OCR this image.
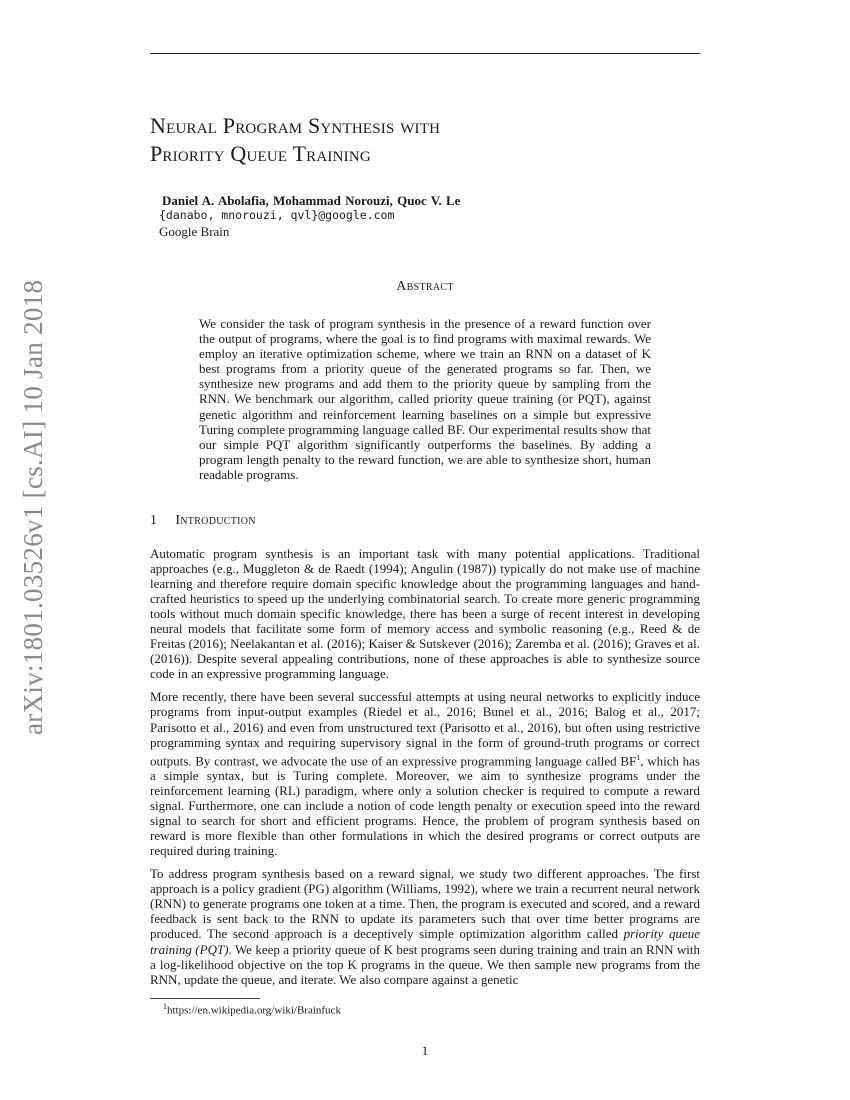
arXiv:1801.03526v1 [cs.AI] 10 Jan 2018
Neural Program Synthesis with
Priority Queue Training
Daniel A. Abolafia, Mohammad Norouzi, Quoc V. Le
{danabo, mnorouzi, qvl}@google.com
Google Brain
Abstract
We consider the task of program synthesis in the presence of a reward function over the output of programs, where the goal is to find programs with maximal rewards. We employ an iterative optimization scheme, where we train an RNN on a dataset of K best programs from a priority queue of the generated programs so far. Then, we synthesize new programs and add them to the priority queue by sampling from the RNN. We benchmark our algorithm, called priority queue training (or PQT), against genetic algorithm and reinforcement learning baselines on a simple but expressive Turing complete programming language called BF. Our experimental results show that our simple PQT algorithm significantly outperforms the baselines. By adding a program length penalty to the reward function, we are able to synthesize short, human readable programs.
1 Introduction

Automatic program synthesis is an important task with many potential applications. Traditional approaches (e.g., Muggleton & de Raedt (1994); Angulin (1987)) typically do not make use of machine learning and therefore require domain specific knowledge about the programming languages and hand-crafted heuristics to speed up the underlying combinatorial search. To create more generic programming tools without much domain specific knowledge, there has been a surge of recent interest in developing neural models that facilitate some form of memory access and symbolic reasoning (e.g., Reed & de Freitas (2016); Neelakantan et al. (2016); Kaiser & Sutskever (2016); Zaremba et al. (2016); Graves et al. (2016)). Despite several appealing contributions, none of these approaches is able to synthesize source code in an expressive programming language.

More recently, there have been several successful attempts at using neural networks to explicitly induce programs from input-output examples (Riedel et al., 2016; Bunel et al., 2016; Balog et al., 2017; Parisotto et al., 2016) and even from unstructured text (Parisotto et al., 2016), but often using restrictive programming syntax and requiring supervisory signal in the form of ground-truth programs or correct outputs. By contrast, we advocate the use of an expressive programming language called $BF^1$, which has a simple syntax, but is Turing complete. Moreover, we aim to synthesize programs under the reinforcement learning (RL) paradigm, where only a solution checker is required to compute a reward signal. Furthermore, one can include a notion of code length penalty or execution speed into the reward signal to search for short and efficient programs. Hence, the problem of program synthesis based on reward is more flexible than other formulations in which the desired programs or correct outputs are required during training.

To address program synthesis based on a reward signal, we study two different approaches. The first approach is a policy gradient (PG) algorithm (Williams, 1992), where we train a recurrent neural network (RNN) to generate programs one token at a time. Then, the program is executed and scored, and a reward feedback is sent back to the RNN to update its parameters such that over time better programs are produced. The second approach is a deceptively simple optimization algorithm called priority queue training (PQT). We keep a priority queue of K best programs seen during training and train an RNN with a log-likelihood objective on the top K programs in the queue. We then sample new programs from the RNN, update the queue, and iterate. We also compare against a genetic

$^1$https://en.wikipedia.org/wiki/Brainfuck
1
